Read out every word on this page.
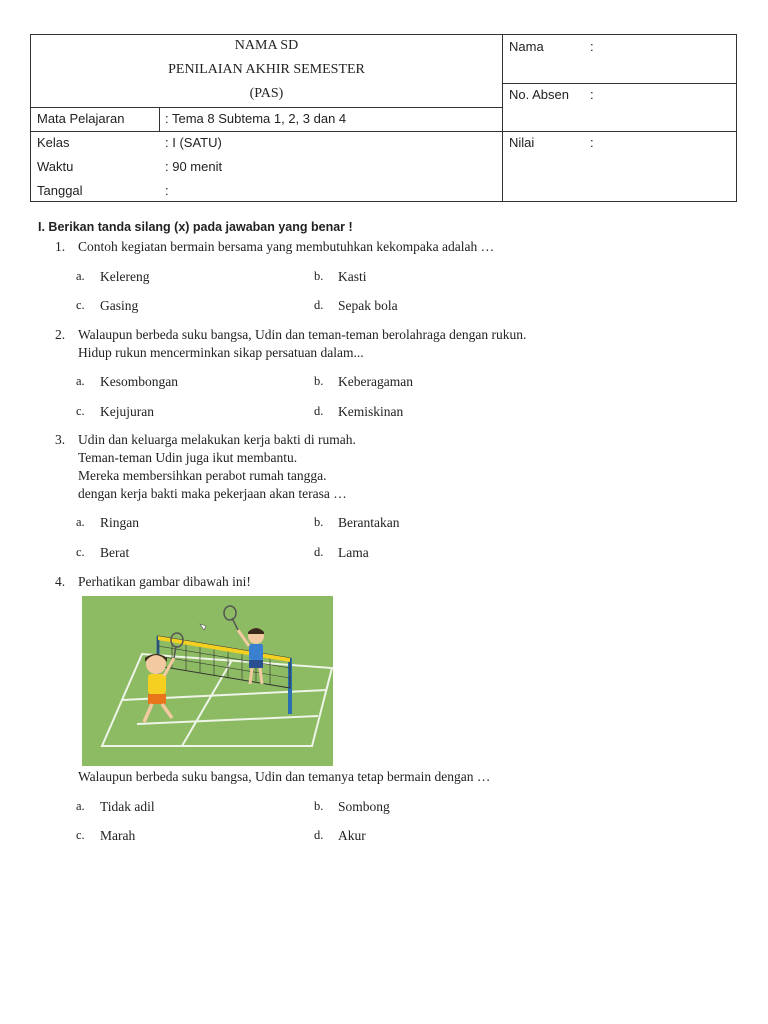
NAMA SD
PENILAIAN AKHIR SEMESTER
(PAS)
Mata Pelajaran	: Tema 8 Subtema 1, 2, 3 dan 4
Kelas	: I (SATU)
Waktu	: 90 menit
Tanggal	:
Nama	:
No. Absen :
Nilai	:
I. Berikan tanda silang (x) pada jawaban yang benar !
1. Contoh kegiatan bermain bersama yang membutuhkan kekompaka adalah …
a. Kelereng	b. Kasti
c. Gasing	d. Sepak bola
2. Walaupun berbeda suku bangsa, Udin dan teman-teman berolahraga dengan rukun.
Hidup rukun mencerminkan sikap persatuan dalam...
a. Kesombongan	b. Keberagaman
c. Kejujuran	d. Kemiskinan
3. Udin dan keluarga melakukan kerja bakti di rumah.
Teman-teman Udin juga ikut membantu.
Mereka membersihkan perabot rumah tangga.
dengan kerja bakti maka pekerjaan akan terasa …
a. Ringan	b. Berantakan
c. Berat	d. Lama
4. Perhatikan gambar dibawah ini!
Walaupun berbeda suku bangsa, Udin dan temanya tetap bermain dengan …
a. Tidak adil	b. Sombong
c. Marah	d. Akur
